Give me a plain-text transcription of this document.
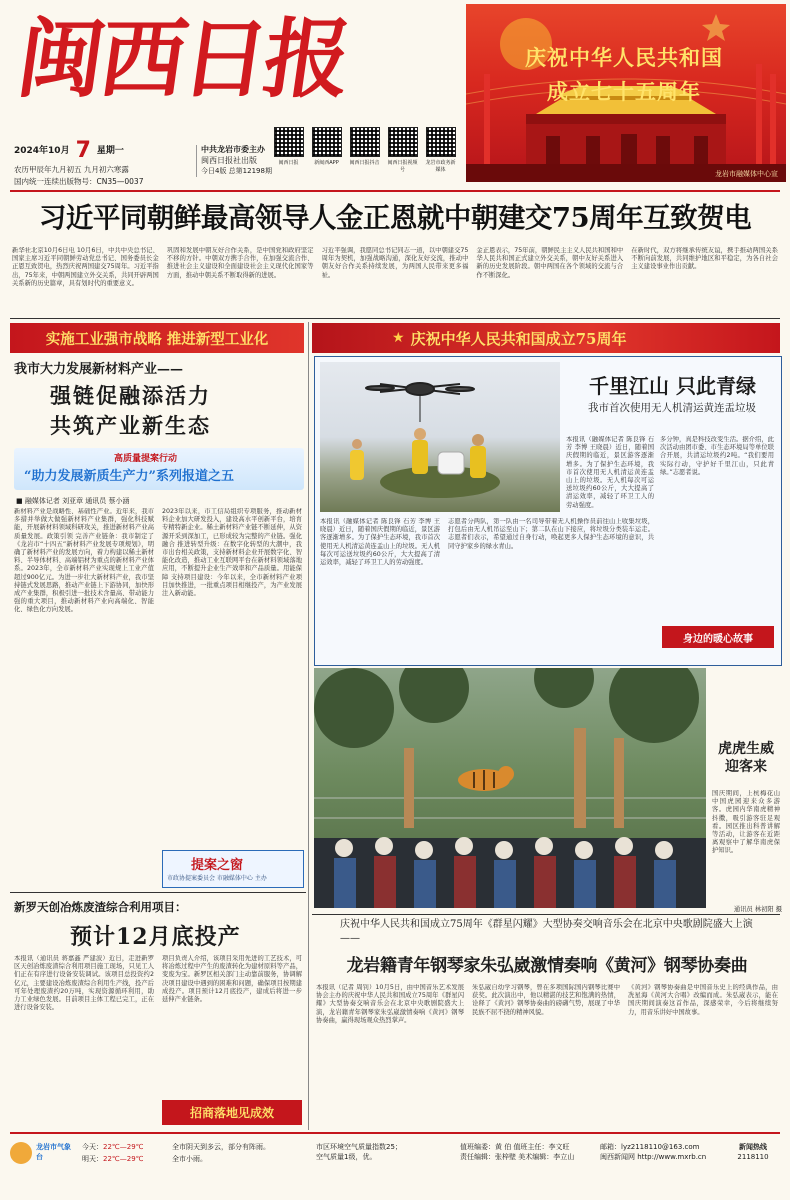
闽
西
日
报
2024年10月 7 星期一
农历甲辰年九月初五 九月初六寒露
国内统一连续出版物号：CN35—0037
中共龙岩市委主办
闽西日报社出版
今日4版 总第12198期
闽西日报	新闽西APP	闽西日报抖音	闽西日报视频号
龙岩市政务新媒体
庆祝中华人民共和国
成立七十五周年
龙岩市融媒体中心宣
习近平同朝鲜最高领导人金正恩就中朝建交75周年互致贺电
新华社北京10月6日电 10月6日，中共中央总书记、国家主席习近平同朝鲜劳动党总书记、国务委员长金正恩互致贺电，热烈庆祝两国建交75周年。习近平指出，75年来，中朝两国建立外交关系，共同开辟两国关系新的历史篇章，具有划时代的重要意义。
巩固和发展中朝友好合作关系，是中国党和政府坚定不移的方针。中朝双方携手合作，在加强交流合作、推进社会主义建设和全面建设社会主义现代化国家等方面，推动中朝关系不断取得新的进展。
习近平强调，我愿同总书记同志一道，以中朝建交75周年为契机，加强战略沟通，深化友好交流，推动中朝友好合作关系持续发展，为两国人民带来更多福祉。
金正恩表示，75年前，朝鲜民主主义人民共和国和中华人民共和国正式建立外交关系，朝中友好关系进入新的历史发展阶段。朝中两国在各个领域的交流与合作不断深化。
在新时代，双方将继承传统友谊，携手推动两国关系不断向前发展，共同维护地区和平稳定，为各自社会主义建设事业作出贡献。
实施工业强市战略 推进新型工业化
我市大力发展新材料产业——
强链促融添活力
共筑产业新生态
高质量提案行动
“助力发展新质生产力”系列报道之五
■ 融媒体记者 刘亚章 通讯员 蔡小涵
新材料产业是战略性、基础性产业。近年来，我市多措并举做大做强新材料产业集群，强化科技赋能，开展新材料领域科研攻关，推进新材料产业高质量发展。政策引领 完善产业链条：我市制定了《龙岩市“十四五”新材料产业发展专项规划》，明确了新材料产业的发展方向，着力构建以稀土新材料、半导体材料、高端铝材为重点的新材料产业体系。2023年，全市新材料产业实现规上工业产值超过900亿元。为进一步壮大新材料产业，我市坚持链式发展思路，推动产业链上下游协同，加快形成产业集群，积极引进一批技术含量高、带动能力强的重大项目，推动新材料产业向高端化、智能化、绿色化方向发展。
2023年以来，市工信局组织专项服务，推动新材料企业加大研发投入，建设高水平创新平台，培育专精特新企业。稀土新材料产业链不断延伸，从资源开采到深加工，已形成较为完整的产业链。强化融合 推进转型升级：在数字化转型的大潮中，我市出台相关政策，支持新材料企业开展数字化、智能化改造，推动工业互联网平台在新材料领域落地应用，不断提升企业生产效率和产品质量。用能保障 支持项目建设：今年以来，全市新材料产业项目加快推进，一批重点项目相继投产，为产业发展注入新动能。
提案之窗
市政协提案委员会 市融媒体中心 主办
新罗天创冶炼废渣综合利用项目：
预计12月底投产
本报讯（通讯员 蒋嘉鑫 严建波）近日，走进新罗区天创冶炼废渣综合利用项目施工现场，只见工人们正在有序进行设备安装调试。该项目总投资约2亿元，主要建设冶炼废渣综合利用生产线，投产后可年处理废渣约20万吨，实现资源循环利用，助力工业绿色发展。目前项目主体工程已完工，正在进行设备安装。
项目负责人介绍，该项目采用先进的工艺技术，可将冶炼过程中产生的废渣转化为建材原料等产品，变废为宝。新罗区相关部门主动靠前服务，协调解决项目建设中遇到的困难和问题，确保项目按期建成投产。项目预计12月底投产，建成后将进一步延伸产业链条。
招商落地见成效
★ 庆祝中华人民共和国成立75周年
千里江山 只此青绿
我市首次使用无人机清运黄连盂垃圾
多分钟，真是科技改变生活。据介绍，此次活动由团市委、市生态环境局等单位联合开展，共清运垃圾约2吨。“我们要用实际行动，守护好千里江山，只此青绿。”志愿者说。
本报讯（融媒体记者 陈良锋 石芳 李博 王晓晨）近日，随着国庆假期的临近，景区游客逐渐增多。为了保护生态环境，我市首次使用无人机清运黄连盂山上的垃圾。无人机每次可运送垃圾约60公斤，大大提高了清运效率，减轻了环卫工人的劳动强度。
志愿者分两队，第一队由一名司导带着无人机操作员前往山上收集垃圾，打包后由无人机吊运至山下；第二队在山下接应，将垃圾分类装车运走。志愿者们表示，希望通过自身行动，唤起更多人保护生态环境的意识，共同守护家乡的绿水青山。
本报讯（融媒体记者 陈良锋 石芳 李博 王晓晨）近日，随着国庆假期的临近，景区游客逐渐增多。为了保护生态环境，我市首次使用无人机清运黄连盂山上的垃圾。无人机每次可运送垃圾约60公斤，大大提高了清运效率，减轻了环卫工人的劳动强度。
身边的暖心故事
虎虎生威
迎客来
国庆期间，上杭梅花山中国虎园迎来众多游客。虎园内华南虎精神抖擞，吸引游客驻足观看。园区推出科普讲解等活动，让游客在近距离观察中了解华南虎保护知识。
通讯员 林初阳 摄
庆祝中华人民共和国成立75周年《群星闪耀》大型协奏交响音乐会在北京中央歌剧院盛大上演——
龙岩籍青年钢琴家朱弘崴激情奏响《黄河》钢琴协奏曲
本报讯（记者 周钊）10月5日，由中国音乐艺术发展协会主办的庆祝中华人民共和国成立75周年《群星闪耀》大型协奏交响音乐会在北京中央歌剧院盛大上演，龙岩籍青年钢琴家朱弘崴激情奏响《黄河》钢琴协奏曲，赢得现场观众热烈掌声。
朱弘崴自幼学习钢琴，曾在多项国际国内钢琴比赛中获奖。此次演出中，他以精湛的技艺和饱满的热情，诠释了《黄河》钢琴协奏曲的磅礴气势，展现了中华民族不屈不挠的精神风貌。
《黄河》钢琴协奏曲是中国音乐史上的经典作品，由冼星海《黄河大合唱》改编而成。朱弘崴表示，能在国庆期间演奏这首作品，深感荣幸，今后将继续努力，用音乐讲好中国故事。
龙岩市气象台
今天：22℃—29℃
明天：22℃—29℃
全市阴天到多云，部分有阵雨。
全市小雨。
市区环境空气质量指数25；
空气质量1级，优。
值班编委：黄 伯 值班主任：李文旺
责任编辑：张梓壁 美术编辑：李立山
邮箱：lyz2118110@163.com
闽西新闻网 http://www.mxrb.cn
新闻热线
2118110
